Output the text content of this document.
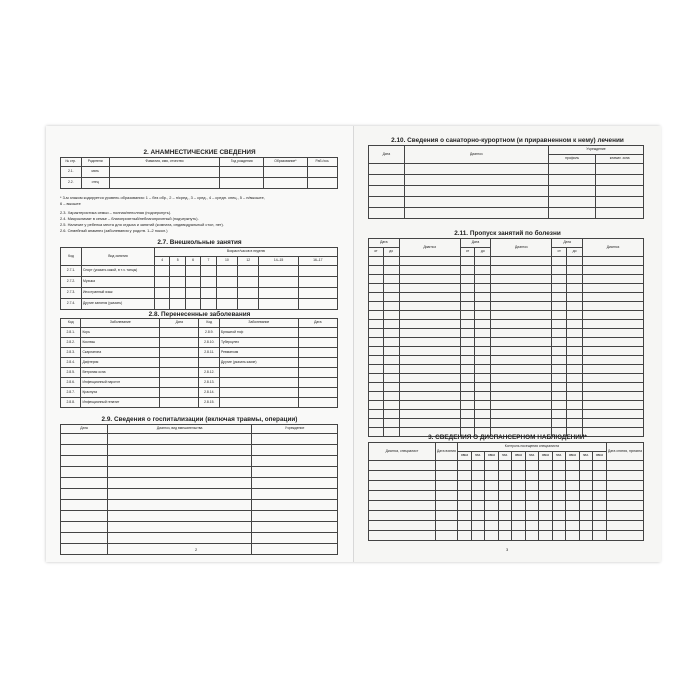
2. АНАМНЕСТИЧЕСКИЕ СВЕДЕНИЯ
№ стр.	Родители	Фамилия, имя, отчество	Год рождения	Образование*	Раб./хоз.
2.1.	мать				
2.2.	отец				
* 3-м знаком кодируется уровень образования: 1 – без обр., 2 – н/сред., 3 – сред., 4 – средн. спец., 5 – н/высшее,
6 – высшее
2.3. Характеристика семьи – полная/неполная (подчеркнуть).
2.4. Микроклимат в семье – благоприятный/неблагоприятный (подчеркнуть).
2.5. Наличие у ребенка места для отдыха и занятий (комната, индивидуальный стол, нет).
2.6. Семейный анамнез (заболевания у родств. 1–2 покол.)
2.7. Внешкольные занятия
Код	Вид занятия	Возраст/часов в неделю							
		4	5	6	7	10	12	14–15	16–17
2.7.1.	Спорт (указать какой, в т.ч. танцы)								
2.7.2.	Музыка								
2.7.3.	Иностранный язык								
2.7.4.	Другие занятия (указать)								
2.8. Перенесенные заболевания
Код	Заболевание	Дата	Код	Заболевание	Дата
2.8.1.	Корь		2.8.9.	Брюшной тиф	
2.8.2.	Коклюш		2.8.10.	Туберкулез	
2.8.3.	Скарлатина		2.8.11.	Ревматизм	
2.8.4.	Дифтерия			Другие (указать какие)	
2.8.5.	Ветряная оспа		2.8.12.		
2.8.6.	Инфекционный паротит		2.8.13.		
2.8.7.	Краснуха		2.8.14.		
2.8.8.	Инфекционный гепатит		2.8.15.		
2.9. Сведения о госпитализации (включая травмы, операции)
Дата	Диагноз, вид вмешательства	Учреждение

2
2.10. Сведения о санаторно-курортном (и приравненном к нему) лечении
Дата	Диагноз	Учреждение	
		профиль	климат. зона

2.11. Пропуск занятий по болезни
Дата		Диагноз	Дата		Диагноз	Дата		Диагноз
от	до		от	до		от	до	

3. СВЕДЕНИЯ О ДИСПАНСЕРНОМ НАБЛЮДЕНИИ*
Диагноз, специалист	Дата взятия	Контроль посещения специалиста											Дата снятия, причина
		явка	наз.	явка	наз.	явка	наз.	явка	наз.	явка	наз.	явка	

3
